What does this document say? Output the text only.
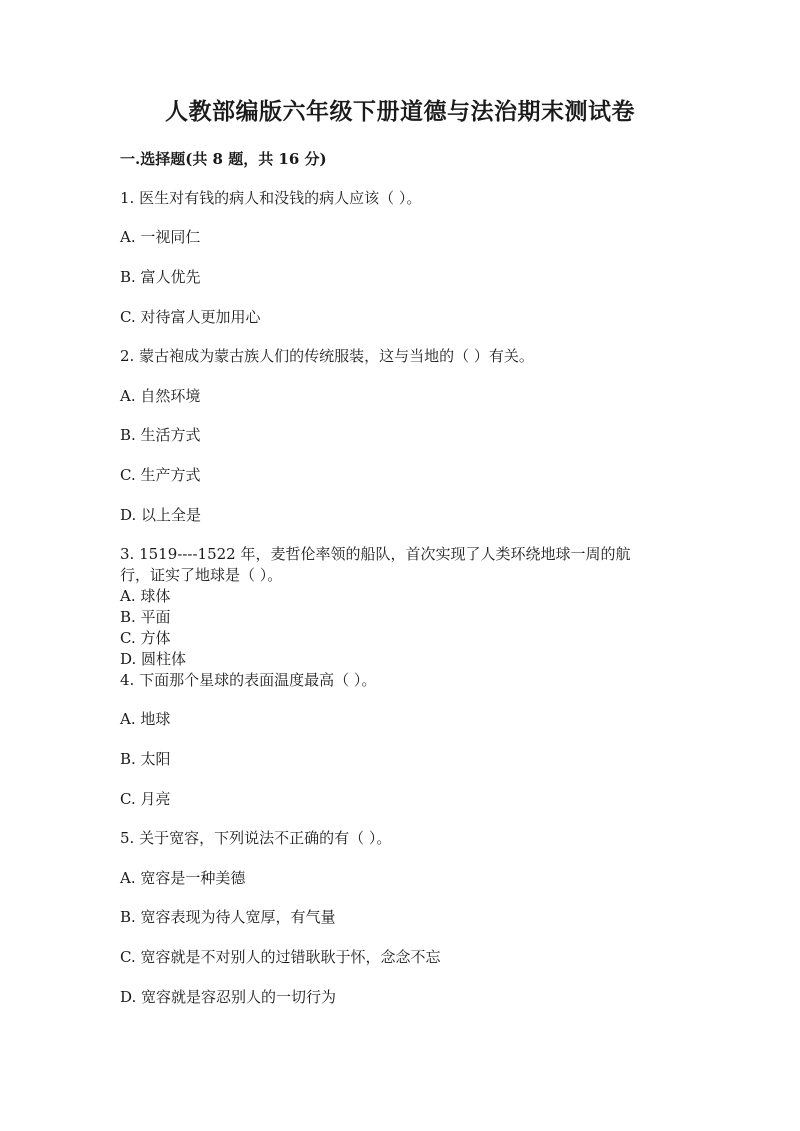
人教部编版六年级下册道德与法治期末测试卷
一.选择题(共 8 题，共 16 分)
1. 医生对有钱的病人和没钱的病人应该（ ）。
A. 一视同仁
B. 富人优先
C. 对待富人更加用心
2. 蒙古袍成为蒙古族人们的传统服装，这与当地的（ ）有关。
A. 自然环境
B. 生活方式
C. 生产方式
D. 以上全是
3. 1519----1522 年，麦哲伦率领的船队，首次实现了人类环绕地球一周的航
行，证实了地球是（ ）。
A. 球体
B. 平面
C. 方体
D. 圆柱体
4. 下面那个星球的表面温度最高（ ）。
A. 地球
B. 太阳
C. 月亮
5. 关于宽容，下列说法不正确的有（ ）。
A. 宽容是一种美德
B. 宽容表现为待人宽厚，有气量
C. 宽容就是不对别人的过错耿耿于怀，念念不忘
D. 宽容就是容忍别人的一切行为
